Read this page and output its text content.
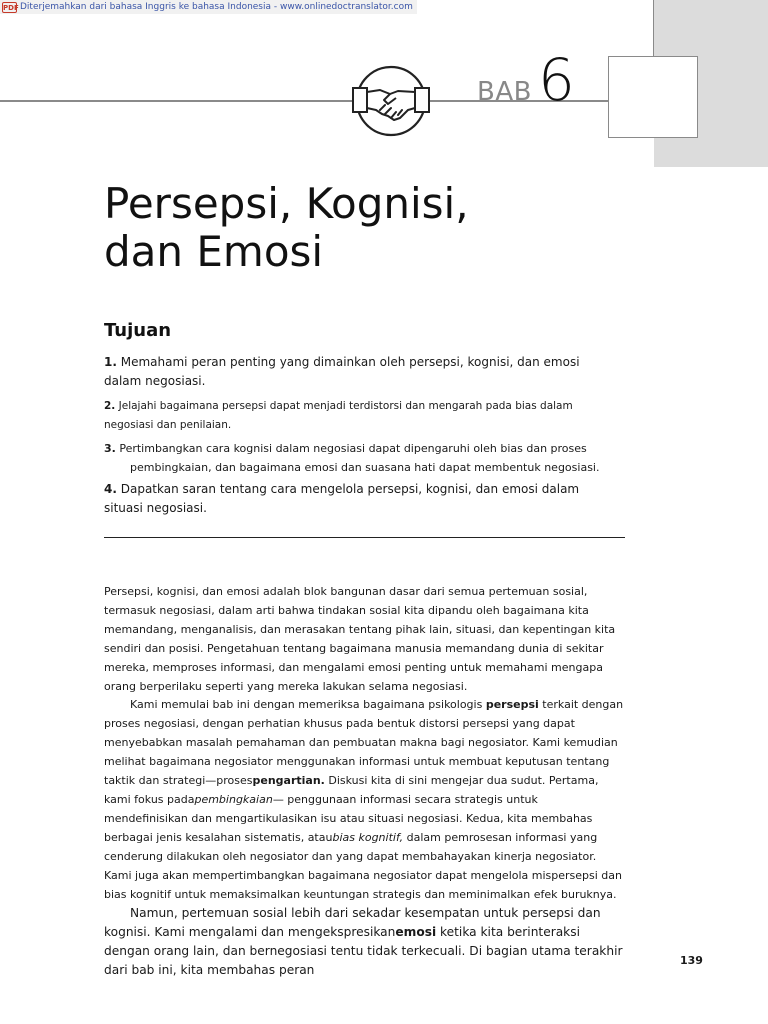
PDF Diterjemahkan dari bahasa Inggris ke bahasa Indonesia - www.onlinedoctranslator.com
BAB 6
Persepsi, Kognisi,
dan Emosi
Tujuan

1. Memahami peran penting yang dimainkan oleh persepsi, kognisi, dan emosi dalam negosiasi.

2. Jelajahi bagaimana persepsi dapat menjadi terdistorsi dan mengarah pada bias dalam negosiasi dan penilaian.

3. Pertimbangkan cara kognisi dalam negosiasi dapat dipengaruhi oleh bias dan proses
pembingkaian, dan bagaimana emosi dan suasana hati dapat membentuk negosiasi.

4. Dapatkan saran tentang cara mengelola persepsi, kognisi, dan emosi dalam situasi negosiasi.

Persepsi, kognisi, dan emosi adalah blok bangunan dasar dari semua pertemuan sosial, termasuk negosiasi, dalam arti bahwa tindakan sosial kita dipandu oleh bagaimana kita memandang, menganalisis, dan merasakan tentang pihak lain, situasi, dan kepentingan kita sendiri dan posisi. Pengetahuan tentang bagaimana manusia memandang dunia di sekitar mereka, memproses informasi, dan mengalami emosi penting untuk memahami mengapa orang berperilaku seperti yang mereka lakukan selama negosiasi.

Kami memulai bab ini dengan memeriksa bagaimana psikologis persepsi terkait dengan proses negosiasi, dengan perhatian khusus pada bentuk distorsi persepsi yang dapat menyebabkan masalah pemahaman dan pembuatan makna bagi negosiator. Kami kemudian melihat bagaimana negosiator menggunakan informasi untuk membuat keputusan tentang taktik dan strategi—prosespengartian. Diskusi kita di sini mengejar dua sudut. Pertama, kami fokus padapembingkaian— penggunaan informasi secara strategis untuk mendefinisikan dan mengartikulasikan isu atau situasi negosiasi. Kedua, kita membahas berbagai jenis kesalahan sistematis, ataubias kognitif, dalam pemrosesan informasi yang cenderung dilakukan oleh negosiator dan yang dapat membahayakan kinerja negosiator. Kami juga akan mempertimbangkan bagaimana negosiator dapat mengelola mispersepsi dan bias kognitif untuk memaksimalkan keuntungan strategis dan meminimalkan efek buruknya.

Namun, pertemuan sosial lebih dari sekadar kesempatan untuk persepsi dan kognisi. Kami mengalami dan mengekspresikanemosi ketika kita berinteraksi dengan orang lain, dan bernegosiasi tentu tidak terkecuali. Di bagian utama terakhir dari bab ini, kita membahas peran

139
